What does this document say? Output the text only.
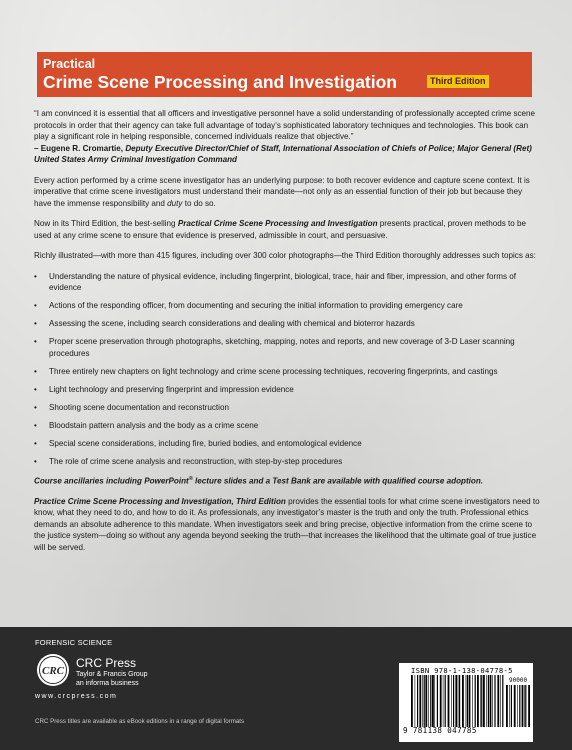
Practical
Crime Scene Processing and Investigation	Third Edition

“I am convinced it is essential that all officers and investigative personnel have a solid understanding of professionally accepted crime scene protocols in order that their agency can take full advantage of today’s sophisticated laboratory techniques and technologies. This book can play a significant role in helping responsible, concerned individuals realize that objective.”
– Eugene R. Cromartie, Deputy Executive Director/Chief of Staff, International Association of Chiefs of Police; Major General (Ret) United States Army Criminal Investigation Command

Every action performed by a crime scene investigator has an underlying purpose: to both recover evidence and capture scene context. It is imperative that crime scene investigators must understand their mandate—not only as an essential function of their job but because they have the immense responsibility and duty to do so.

Now in its Third Edition, the best-selling Practical Crime Scene Processing and Investigation presents practical, proven methods to be used at any crime scene to ensure that evidence is preserved, admissible in court, and persuasive.

Richly illustrated—with more than 415 figures, including over 300 color photographs—the Third Edition thoroughly addresses such topics as:

• Understanding the nature of physical evidence, including fingerprint, biological, trace, hair and fiber, impression, and other forms of evidence
• Actions of the responding officer, from documenting and securing the initial information to providing emergency care
• Assessing the scene, including search considerations and dealing with chemical and bioterror hazards
• Proper scene preservation through photographs, sketching, mapping, notes and reports, and new coverage of 3-D Laser scanning procedures
• Three entirely new chapters on light technology and crime scene processing techniques, recovering fingerprints, and castings
• Light technology and preserving fingerprint and impression evidence
• Shooting scene documentation and reconstruction
• Bloodstain pattern analysis and the body as a crime scene
• Special scene considerations, including fire, buried bodies, and entomological evidence
• The role of crime scene analysis and reconstruction, with step-by-step procedures

Course ancillaries including PowerPoint® lecture slides and a Test Bank are available with qualified course adoption.

Practice Crime Scene Processing and Investigation, Third Edition provides the essential tools for what crime scene investigators need to know, what they need to do, and how to do it. As professionals, any investigator’s master is the truth and only the truth. Professional ethics demands an absolute adherence to this mandate. When investigators seek and bring precise, objective information from the crime scene to the justice system—doing so without any agenda beyond seeking the truth—that increases the likelihood that the ultimate goal of true justice will be served.

FORENSIC SCIENCE
CRC
CRC Press
Taylor & Francis Group
an informa business
www.crcpress.com
CRC Press titles are available as eBook editions in a range of digital formats
ISBN 978-1-138-04778-5
90000
9 781138 047785
